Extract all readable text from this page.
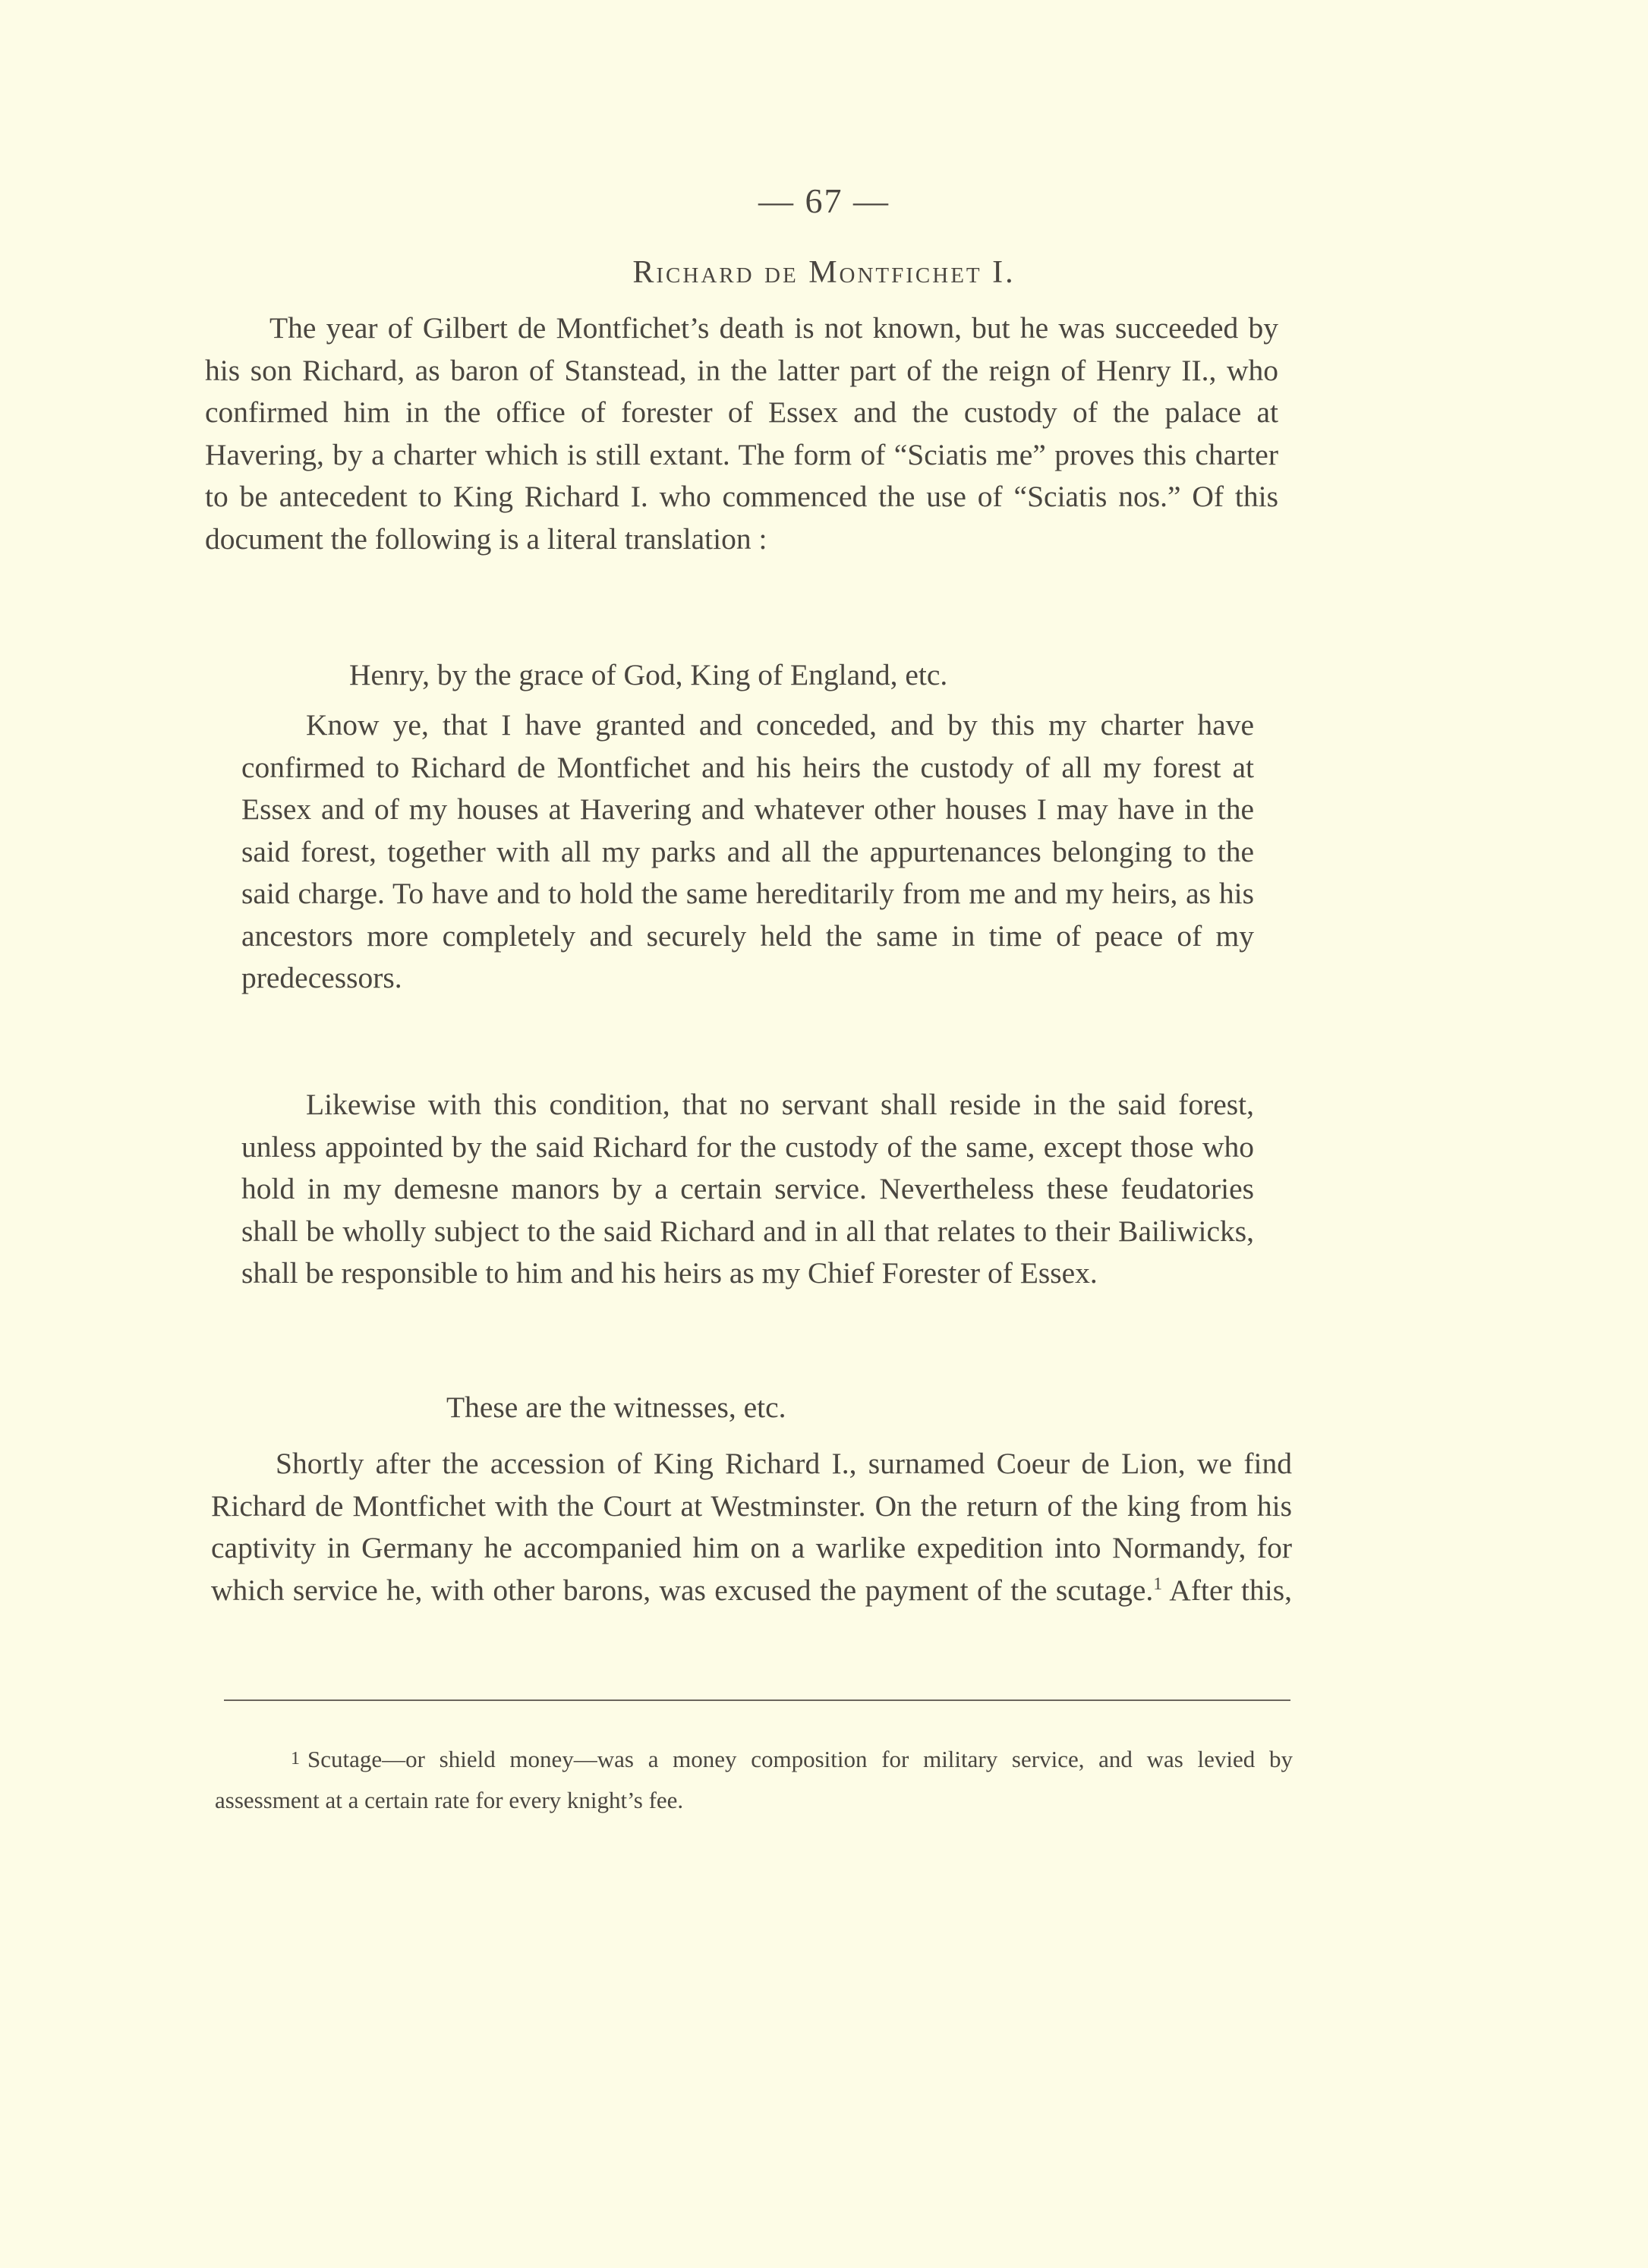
— 67 —
Richard de Montfichet I.

The year of Gilbert de Montfichet’s death is not known, but he was succeeded by his son Richard, as baron of Stanstead, in the latter part of the reign of Henry II., who confirmed him in the office of forester of Essex and the custody of the palace at Havering, by a charter which is still extant. The form of “Sciatis me” proves this charter to be antecedent to King Richard I. who commenced the use of “Sciatis nos.” Of this document the following is a literal translation :

Henry, by the grace of God, King of England, etc.

Know ye, that I have granted and conceded, and by this my charter have confirmed to Richard de Montfichet and his heirs the custody of all my forest at Essex and of my houses at Havering and whatever other houses I may have in the said forest, together with all my parks and all the appurtenances belonging to the said charge. To have and to hold the same hereditarily from me and my heirs, as his ancestors more completely and securely held the same in time of peace of my predecessors.

Likewise with this condition, that no servant shall reside in the said forest, unless appointed by the said Richard for the custody of the same, except those who hold in my demesne manors by a certain service. Nevertheless these feudatories shall be wholly subject to the said Richard and in all that relates to their Bailiwicks, shall be responsible to him and his heirs as my Chief Forester of Essex.

These are the witnesses, etc.

Shortly after the accession of King Richard I., surnamed Coeur de Lion, we find Richard de Montfichet with the Court at Westminster. On the return of the king from his captivity in Germany he accompanied him on a warlike expedition into Normandy, for which service he, with other barons, was excused the payment of the scutage.$^1$ After this,

1 Scutage—or shield money—was a money composition for military service, and was levied by assessment at a certain rate for every knight’s fee.
